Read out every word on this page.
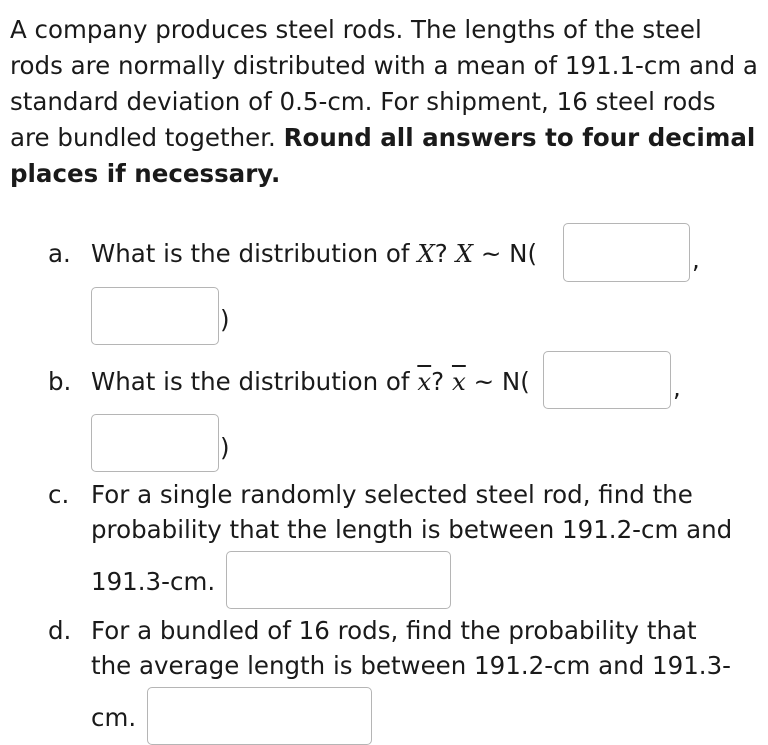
A company produces steel rods. The lengths of the steel rods are normally distributed with a mean of 191.1-cm and a standard deviation of 0.5-cm. For shipment, 16 steel rods are bundled together. Round all answers to four decimal places if necessary.

a. What is the distribution of X? X ~ N(	,
)
b. What is the distribution of $\overline{x}$? $\overline{x}$ ~ N(	,
)
c. For a single randomly selected steel rod, find the
probability that the length is between 191.2-cm and
191.3-cm.
d. For a bundled of 16 rods, find the probability that
the average length is between 191.2-cm and 191.3-
cm.
